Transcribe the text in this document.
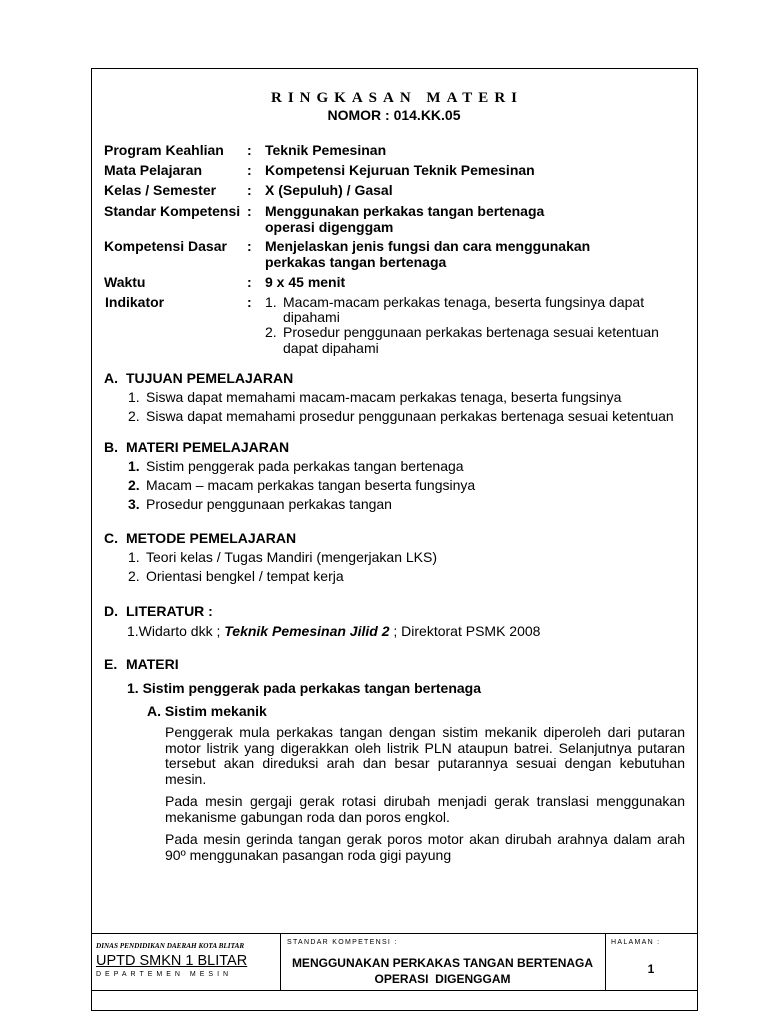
RINGKASAN MATERI
NOMOR : 014.KK.05
Program Keahlian : Teknik Pemesinan
Mata Pelajaran	: Kompetensi Kejuruan Teknik Pemesinan
Kelas / Semester : X (Sepuluh) / Gasal
Standar Kompetensi : Menggunakan perkakas tangan bertenaga
operasi digenggam
Kompetensi Dasar : Menjelaskan jenis fungsi dan cara menggunakan
perkakas tangan bertenaga
Waktu	: 9 x 45 menit
Indikator	: 1. Macam-macam perkakas tenaga, beserta fungsinya dapat
dipahami
2. Prosedur penggunaan perkakas bertenaga sesuai ketentuan
dapat dipahami
A. TUJUAN PEMELAJARAN
1. Siswa dapat memahami macam-macam perkakas tenaga, beserta fungsinya
2. Siswa dapat memahami prosedur penggunaan perkakas bertenaga sesuai ketentuan
B. MATERI PEMELAJARAN
1. Sistim penggerak pada perkakas tangan bertenaga
2. Macam – macam perkakas tangan beserta fungsinya
3. Prosedur penggunaan perkakas tangan
C. METODE PEMELAJARAN
1. Teori kelas / Tugas Mandiri (mengerjakan LKS)
2. Orientasi bengkel / tempat kerja
D. LITERATUR :
1.Widarto dkk ; Teknik Pemesinan Jilid 2 ; Direktorat PSMK 2008
E. MATERI
1. Sistim penggerak pada perkakas tangan bertenaga
A. Sistim mekanik
Penggerak mula perkakas tangan dengan sistim mekanik diperoleh dari putaran
motor listrik yang digerakkan oleh listrik PLN ataupun batrei. Selanjutnya putaran
tersebut akan direduksi arah dan besar putarannya sesuai dengan kebutuhan
mesin.
Pada mesin gergaji gerak rotasi dirubah menjadi gerak translasi menggunakan
mekanisme gabungan roda dan poros engkol.
Pada mesin gerinda tangan gerak poros motor akan dirubah arahnya dalam arah
90º menggunakan pasangan roda gigi payung
DINAS PENDIDIKAN DAERAH KOTA BLITAR
UPTD SMKN 1 BLITAR
DEPARTEMEN MESIN
STANDAR KOMPETENSI :
MENGGUNAKAN PERKAKAS TANGAN BERTENAGA
OPERASI  DIGENGGAM
HALAMAN :
1
